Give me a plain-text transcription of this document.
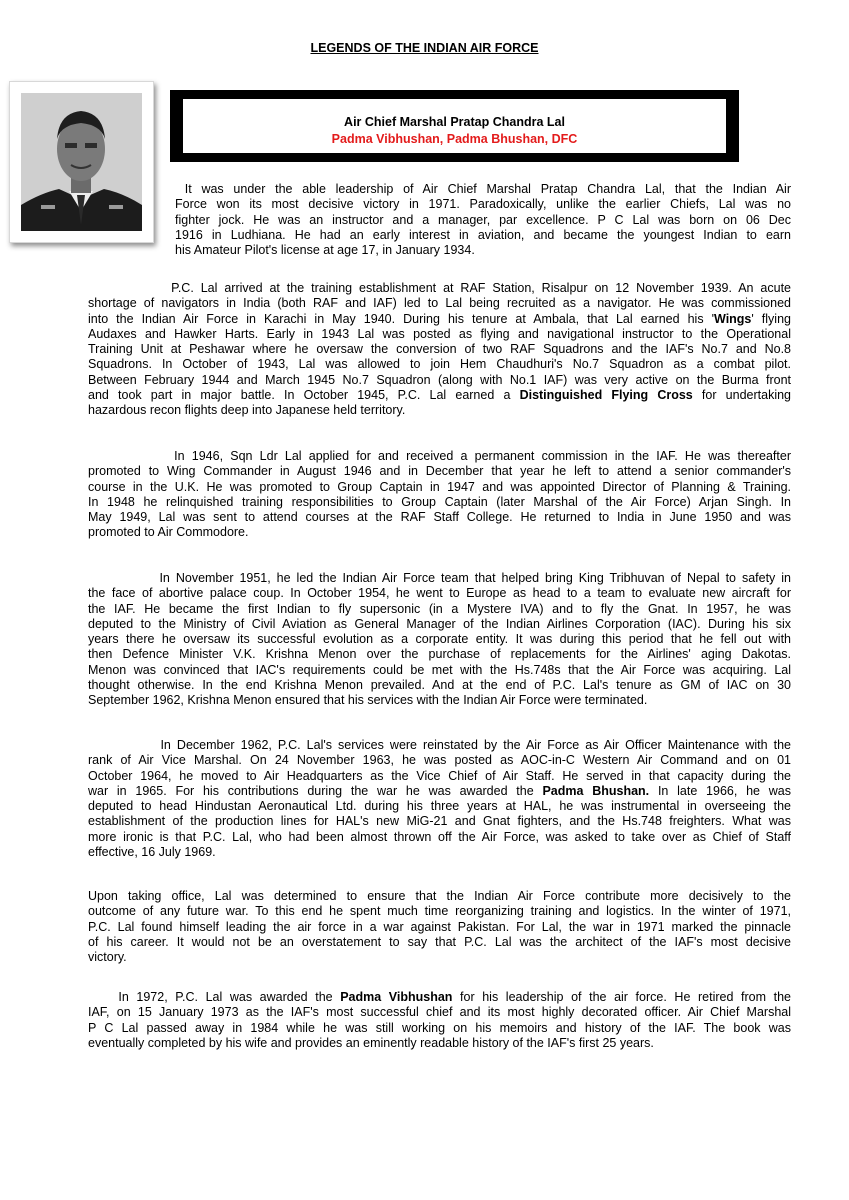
LEGENDS OF THE INDIAN AIR FORCE
Air Chief Marshal Pratap Chandra Lal
Padma Vibhushan, Padma Bhushan, DFC
It was under the able leadership of Air Chief Marshal Pratap Chandra Lal, that the Indian Air
Force won its most decisive victory in 1971. Paradoxically, unlike the earlier Chiefs, Lal was no
fighter jock. He was an instructor and a manager, par excellence. P C Lal was born on 06 Dec
1916 in Ludhiana. He had an early interest in aviation, and became the youngest Indian to earn
his Amateur Pilot's license at age 17, in January 1934.
P.C. Lal arrived at the training establishment at RAF Station, Risalpur on 12 November 1939. An acute
shortage of navigators in India (both RAF and IAF) led to Lal being recruited as a navigator. He was commissioned
into the Indian Air Force in Karachi in May 1940. During his tenure at Ambala, that Lal earned his 'Wings' flying
Audaxes and Hawker Harts. Early in 1943 Lal was posted as flying and navigational instructor to the Operational
Training Unit at Peshawar where he oversaw the conversion of two RAF Squadrons and the IAF's No.7 and No.8
Squadrons. In October of 1943, Lal was allowed to join Hem Chaudhuri's No.7 Squadron as a combat pilot.
Between February 1944 and March 1945 No.7 Squadron (along with No.1 IAF) was very active on the Burma front
and took part in major battle. In October 1945, P.C. Lal earned a Distinguished Flying Cross for undertaking
hazardous recon flights deep into Japanese held territory.
In 1946, Sqn Ldr Lal applied for and received a permanent commission in the IAF. He was thereafter
promoted to Wing Commander in August 1946 and in December that year he left to attend a senior commander's
course in the U.K. He was promoted to Group Captain in 1947 and was appointed Director of Planning & Training.
In 1948 he relinquished training responsibilities to Group Captain (later Marshal of the Air Force) Arjan Singh. In
May 1949, Lal was sent to attend courses at the RAF Staff College. He returned to India in June 1950 and was
promoted to Air Commodore.
In November 1951, he led the Indian Air Force team that helped bring King Tribhuvan of Nepal to safety in
the face of abortive palace coup. In October 1954, he went to Europe as head to a team to evaluate new aircraft for
the IAF. He became the first Indian to fly supersonic (in a Mystere IVA) and to fly the Gnat. In 1957, he was
deputed to the Ministry of Civil Aviation as General Manager of the Indian Airlines Corporation (IAC). During his six
years there he oversaw its successful evolution as a corporate entity. It was during this period that he fell out with
then Defence Minister V.K. Krishna Menon over the purchase of replacements for the Airlines' aging Dakotas.
Menon was convinced that IAC's requirements could be met with the Hs.748s that the Air Force was acquiring. Lal
thought otherwise. In the end Krishna Menon prevailed. And at the end of P.C. Lal's tenure as GM of IAC on 30
September 1962, Krishna Menon ensured that his services with the Indian Air Force were terminated.
In December 1962, P.C. Lal's services were reinstated by the Air Force as Air Officer Maintenance with the
rank of Air Vice Marshal. On 24 November 1963, he was posted as AOC-in-C Western Air Command and on 01
October 1964, he moved to Air Headquarters as the Vice Chief of Air Staff. He served in that capacity during the
war in 1965. For his contributions during the war he was awarded the Padma Bhushan. In late 1966, he was
deputed to head Hindustan Aeronautical Ltd. during his three years at HAL, he was instrumental in overseeing the
establishment of the production lines for HAL's new MiG-21 and Gnat fighters, and the Hs.748 freighters. What was
more ironic is that P.C. Lal, who had been almost thrown off the Air Force, was asked to take over as Chief of Staff
effective, 16 July 1969.
Upon taking office, Lal was determined to ensure that the Indian Air Force contribute more decisively to the
outcome of any future war. To this end he spent much time reorganizing training and logistics. In the winter of 1971,
P.C. Lal found himself leading the air force in a war against Pakistan. For Lal, the war in 1971 marked the pinnacle
of his career. It would not be an overstatement to say that P.C. Lal was the architect of the IAF's most decisive
victory.
In 1972, P.C. Lal was awarded the Padma Vibhushan for his leadership of the air force. He retired from the
IAF, on 15 January 1973 as the IAF's most successful chief and its most highly decorated officer. Air Chief Marshal
P C Lal passed away in 1984 while he was still working on his memoirs and history of the IAF. The book was
eventually completed by his wife and provides an eminently readable history of the IAF's first 25 years.
